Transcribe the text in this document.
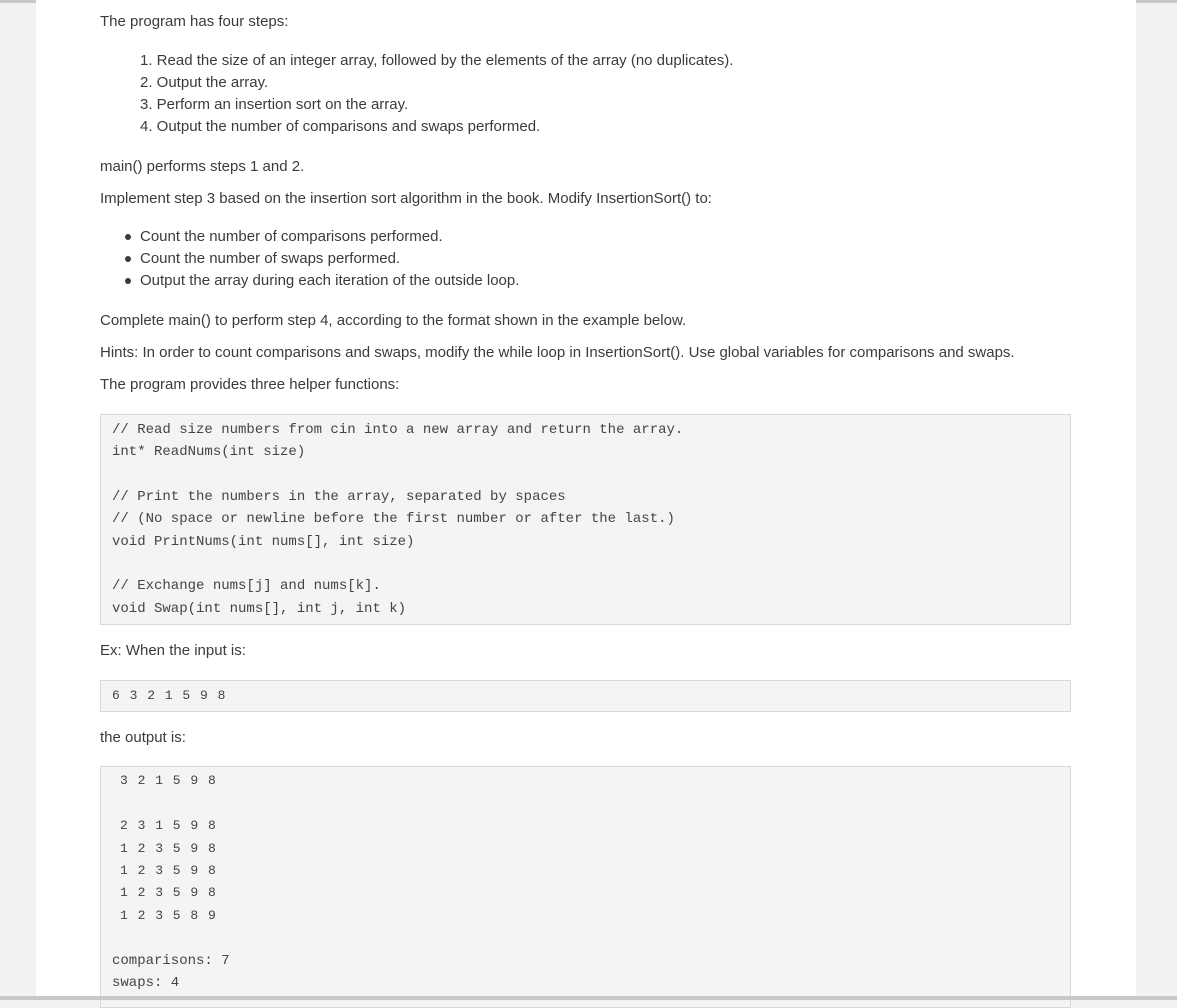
The program has four steps:
1. Read the size of an integer array, followed by the elements of the array (no duplicates).
2. Output the array.
3. Perform an insertion sort on the array.
4. Output the number of comparisons and swaps performed.
main() performs steps 1 and 2.
Implement step 3 based on the insertion sort algorithm in the book. Modify InsertionSort() to:
Count the number of comparisons performed.
Count the number of swaps performed.
Output the array during each iteration of the outside loop.
Complete main() to perform step 4, according to the format shown in the example below.
Hints: In order to count comparisons and swaps, modify the while loop in InsertionSort(). Use global variables for comparisons and swaps.
The program provides three helper functions:
// Read size numbers from cin into a new array and return the array.
int* ReadNums(int size)
// Print the numbers in the array, separated by spaces
// (No space or newline before the first number or after the last.)
void PrintNums(int nums[], int size)
// Exchange nums[j] and nums[k].
void Swap(int nums[], int j, int k)
Ex: When the input is:
6 3 2 1 5 9 8
the output is:
3 2 1 5 9 8
2 3 1 5 9 8
1 2 3 5 9 8
1 2 3 5 9 8
1 2 3 5 9 8
1 2 3 5 8 9
comparisons: 7
swaps: 4
